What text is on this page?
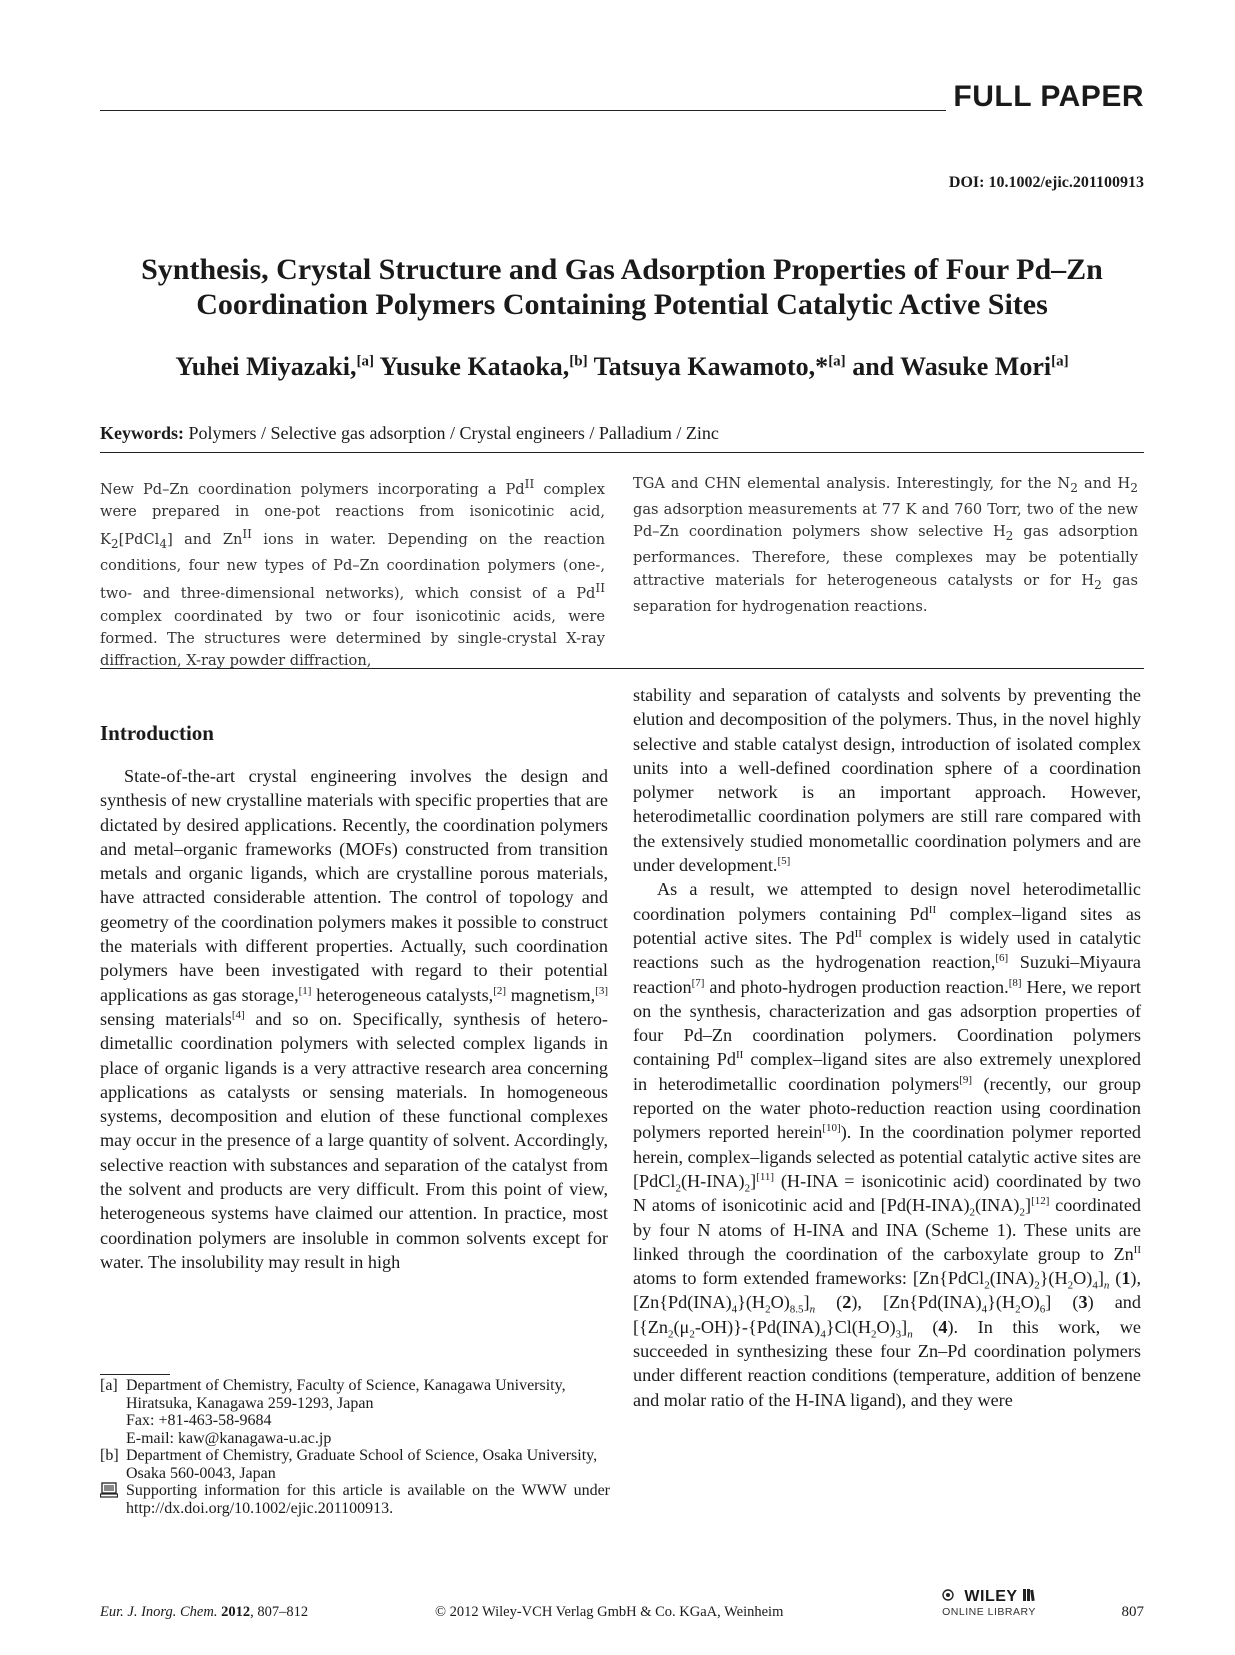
FULL PAPER
DOI: 10.1002/ejic.201100913
Synthesis, Crystal Structure and Gas Adsorption Properties of Four Pd–Zn Coordination Polymers Containing Potential Catalytic Active Sites
Yuhei Miyazaki,[a] Yusuke Kataoka,[b] Tatsuya Kawamoto,*[a] and Wasuke Mori[a]
Keywords: Polymers / Selective gas adsorption / Crystal engineers / Palladium / Zinc

New Pd–Zn coordination polymers incorporating a $Pd^{II}$ complex were prepared in one-pot reactions from isonicotinic acid, $K_2[PdCl_4]$ and $Zn^{II}$ ions in water. Depending on the reaction conditions, four new types of Pd–Zn coordination polymers (one-, two- and three-dimensional networks), which consist of a $Pd^{II}$ complex coordinated by two or four isonicotinic acids, were formed. The structures were determined by single-crystal X-ray diffraction, X-ray powder diffraction,

TGA and CHN elemental analysis. Interestingly, for the $N_2$ and $H_2$ gas adsorption measurements at 77 K and 760 Torr, two of the new Pd–Zn coordination polymers show selective $H_2$ gas adsorption performances. Therefore, these complexes may be potentially attractive materials for heterogeneous catalysts or for $H_2$ gas separation for hydrogenation reactions.

Introduction

State-of-the-art crystal engineering involves the design and synthesis of new crystalline materials with specific properties that are dictated by desired applications. Recently, the coordination polymers and metal–organic frameworks (MOFs) constructed from transition metals and organic ligands, which are crystalline porous materials, have attracted considerable attention. The control of topology and geometry of the coordination polymers makes it possible to construct the materials with different properties. Actually, such coordination polymers have been investigated with regard to their potential applications as gas storage,[1] heterogeneous catalysts,[2] magnetism,[3] sensing materials[4] and so on. Specifically, synthesis of hetero-dimetallic coordination polymers with selected complex ligands in place of organic ligands is a very attractive research area concerning applications as catalysts or sensing materials. In homogeneous systems, decomposition and elution of these functional complexes may occur in the presence of a large quantity of solvent. Accordingly, selective reaction with substances and separation of the catalyst from the solvent and products are very difficult. From this point of view, heterogeneous systems have claimed our attention. In practice, most coordination polymers are insoluble in common solvents except for water. The insolubility may result in high

stability and separation of catalysts and solvents by preventing the elution and decomposition of the polymers. Thus, in the novel highly selective and stable catalyst design, introduction of isolated complex units into a well-defined coordination sphere of a coordination polymer network is an important approach. However, heterodimetallic coordination polymers are still rare compared with the extensively studied monometallic coordination polymers and are under development.[5]

As a result, we attempted to design novel heterodimetallic coordination polymers containing $Pd^{II}$ complex–ligand sites as potential active sites. The $Pd^{II}$ complex is widely used in catalytic reactions such as the hydrogenation reaction,[6] Suzuki–Miyaura reaction[7] and photo-hydrogen production reaction.[8] Here, we report on the synthesis, characterization and gas adsorption properties of four Pd–Zn coordination polymers. Coordination polymers containing $Pd^{II}$ complex–ligand sites are also extremely unexplored in heterodimetallic coordination polymers[9] (recently, our group reported on the water photo-reduction reaction using coordination polymers reported herein[10]). In the coordination polymer reported herein, complex–ligands selected as potential catalytic active sites are $[PdCl_2(H-INA)_2][11]$ (H-INA = isonicotinic acid) coordinated by two N atoms of isonicotinic acid and $[Pd(H-INA)_2(INA)_2][12]$ coordinated by four N atoms of H-INA and INA (Scheme 1). These units are linked through the coordination of the carboxylate group to $Zn^{II}$ atoms to form extended frameworks: $[Zn\{PdCl_2(INA)_2\}(H_2O)_4]_n$ (1), $[Zn\{Pd(INA)_4\}(H_2O)_{8.5}]_n$ (2), $[Zn\{Pd(INA)_4\}(H_2O)_6]$ (3) and $[\{Zn_2(\mu_2-OH)\}-\{Pd(INA)_4\}Cl(H_2O)_3]_n$ (4). In this work, we succeeded in synthesizing these four Zn–Pd coordination polymers under different reaction conditions (temperature, addition of benzene and molar ratio of the H-INA ligand), and they were

[a] Department of Chemistry, Faculty of Science, Kanagawa University,
Hiratsuka, Kanagawa 259-1293, Japan
Fax: +81-463-58-9684
E-mail: kaw@kanagawa-u.ac.jp
[b] Department of Chemistry, Graduate School of Science, Osaka University,
Osaka 560-0043, Japan
Supporting information for this article is available on the WWW under http://dx.doi.org/10.1002/ejic.201100913.
Eur. J. Inorg. Chem. 2012, 807–812	© 2012 Wiley-VCH Verlag GmbH & Co. KGaA, Weinheim
WILEY
ONLINE LIBRARY	807
